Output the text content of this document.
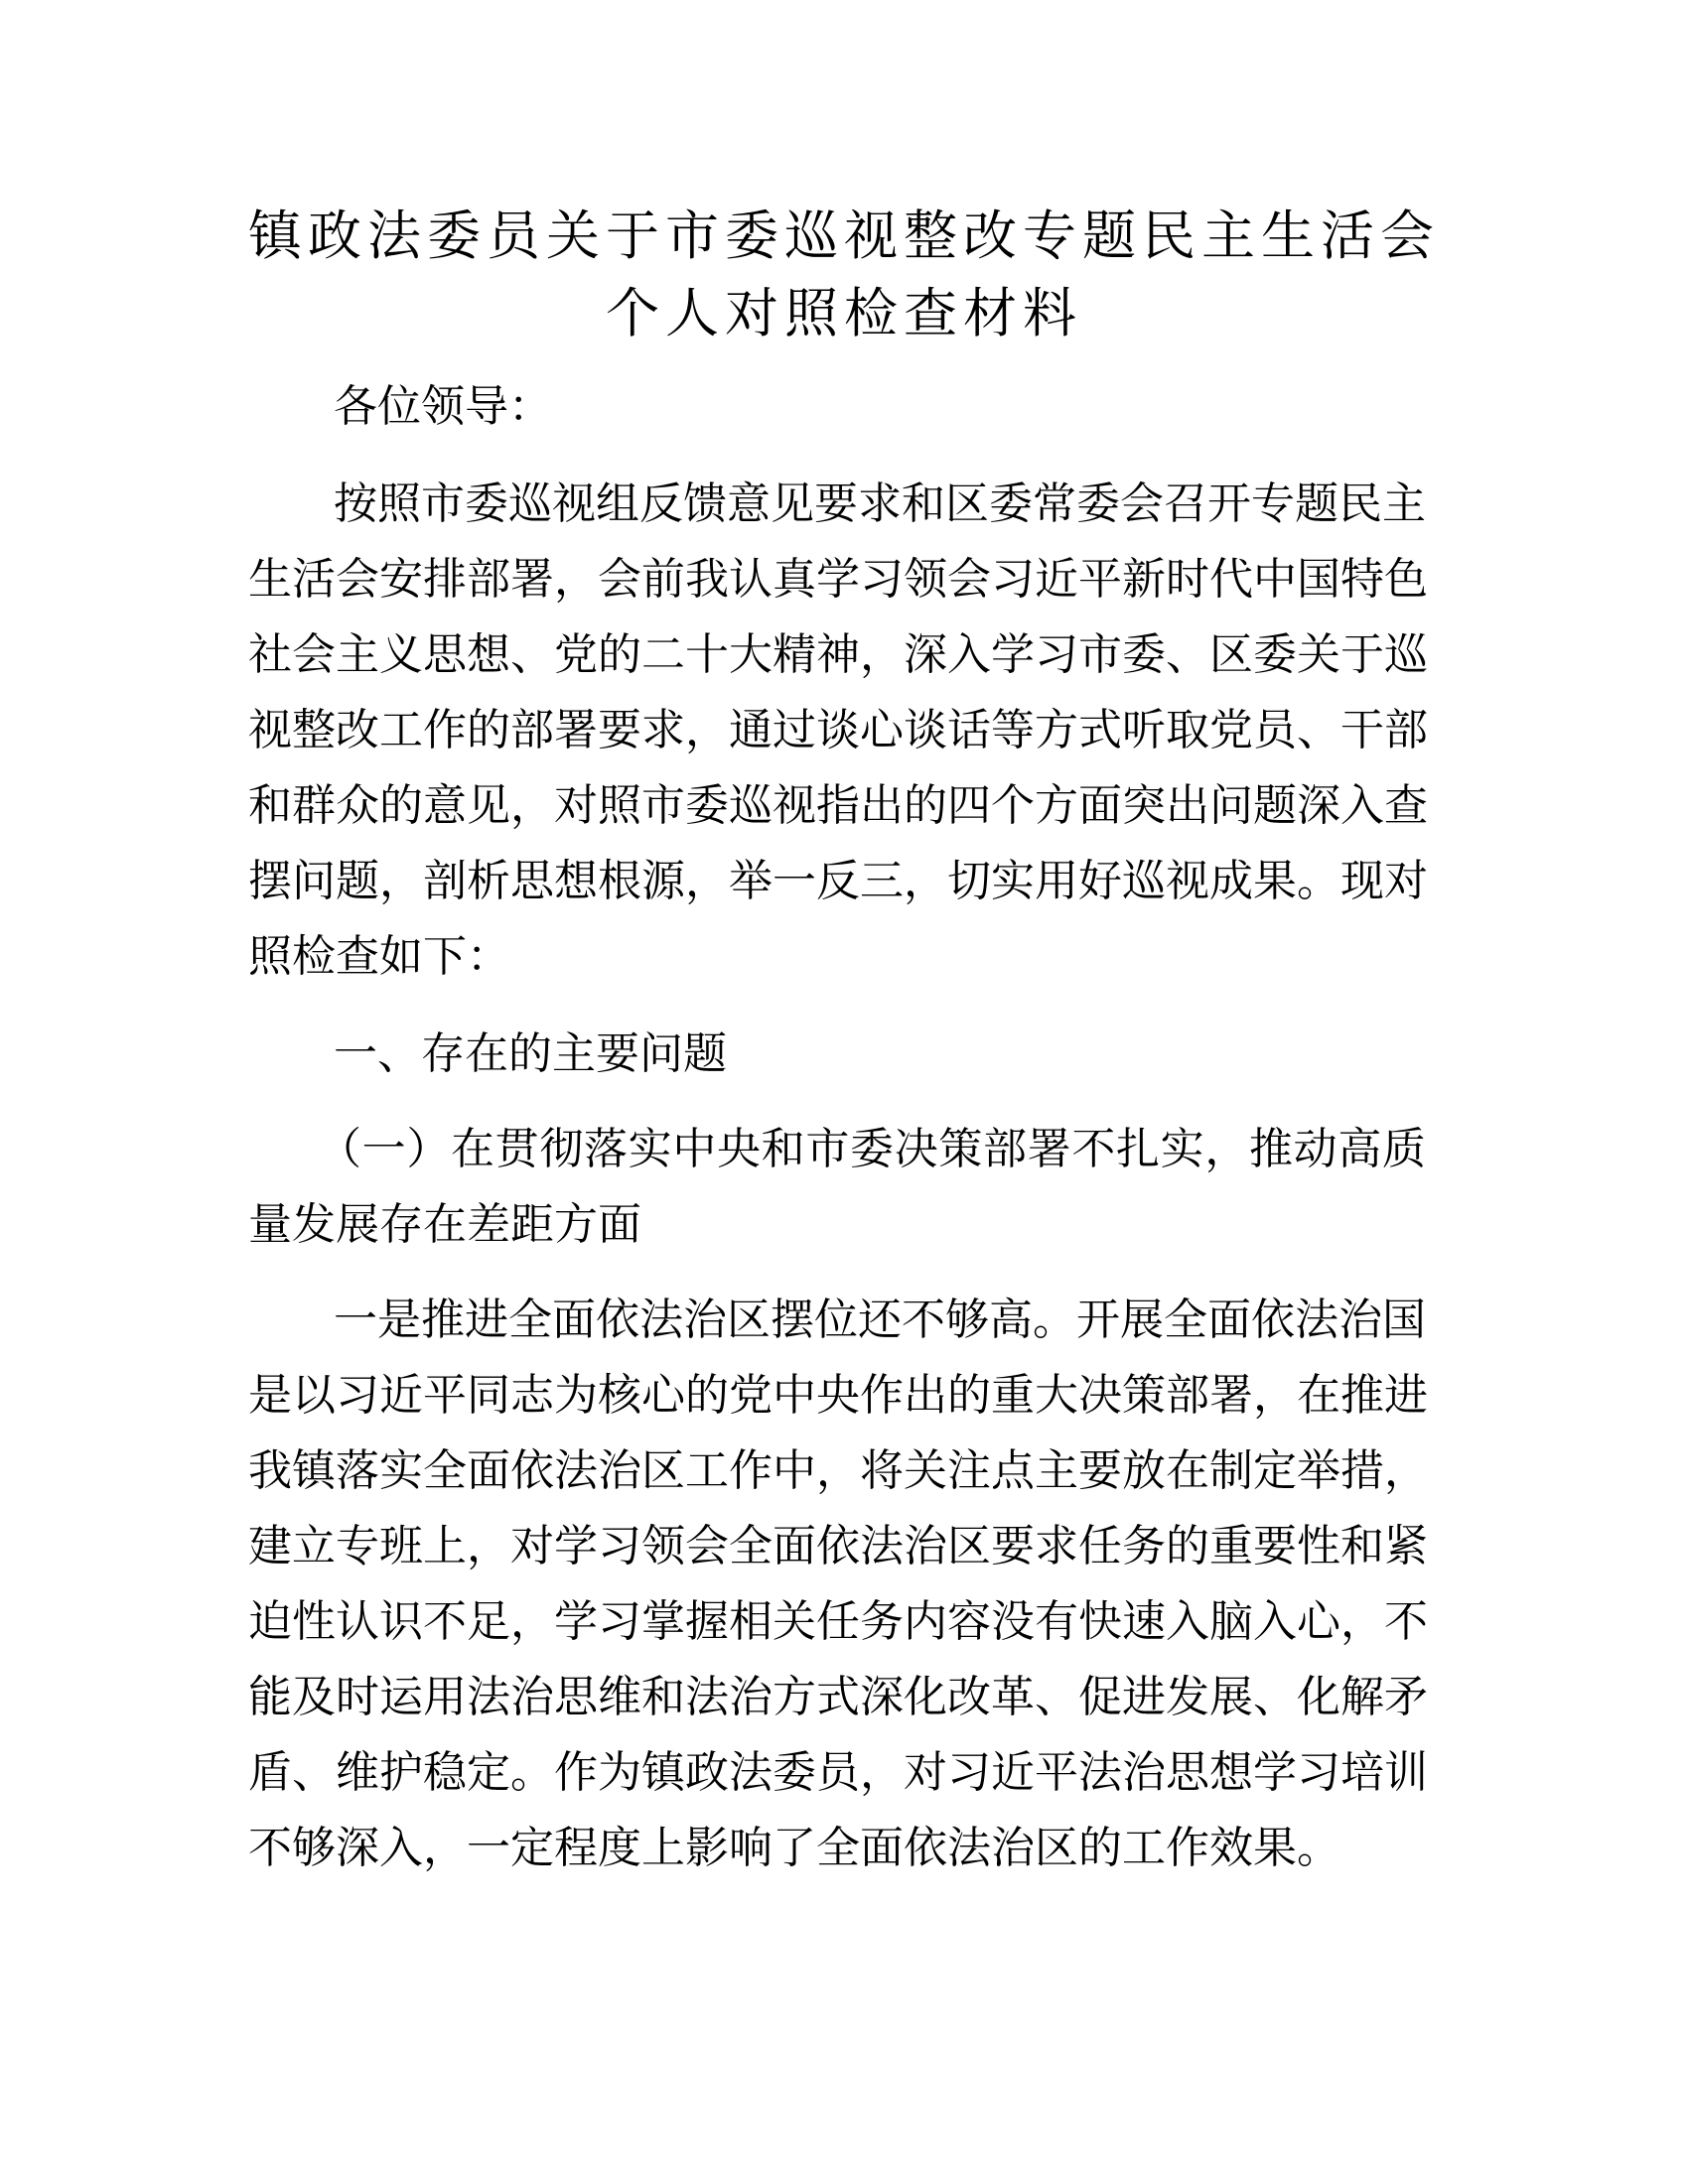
镇政法委员关于市委巡视整改专题民主生活会
个人对照检查材料
各位领导：
按照市委巡视组反馈意见要求和区委常委会召开专题民主
生活会安排部署，会前我认真学习领会习近平新时代中国特色
社会主义思想、党的二十大精神，深入学习市委、区委关于巡
视整改工作的部署要求，通过谈心谈话等方式听取党员、干部
和群众的意见，对照市委巡视指出的四个方面突出问题深入查
摆问题，剖析思想根源，举一反三，切实用好巡视成果。现对
照检查如下：
一、存在的主要问题
（一）在贯彻落实中央和市委决策部署不扎实，推动高质
量发展存在差距方面
一是推进全面依法治区摆位还不够高。开展全面依法治国
是以习近平同志为核心的党中央作出的重大决策部署，在推进
我镇落实全面依法治区工作中，将关注点主要放在制定举措，
建立专班上，对学习领会全面依法治区要求任务的重要性和紧
迫性认识不足，学习掌握相关任务内容没有快速入脑入心，不
能及时运用法治思维和法治方式深化改革、促进发展、化解矛
盾、维护稳定。作为镇政法委员，对习近平法治思想学习培训
不够深入，一定程度上影响了全面依法治区的工作效果。
